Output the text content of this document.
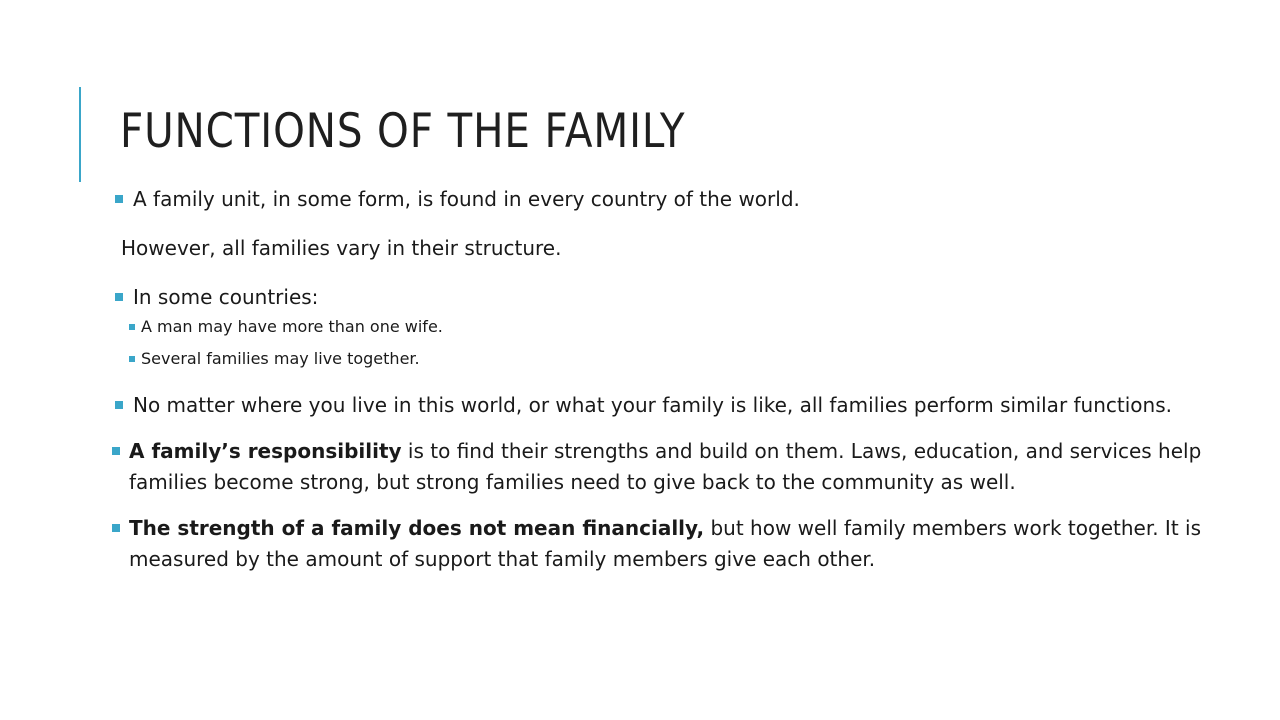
FUNCTIONS OF THE FAMILY

A family unit, in some form, is found in every country of the world.

However, all families vary in their structure.

In some countries:

A man may have more than one wife.

Several families may live together.

No matter where you live in this world, or what your family is like, all families perform similar functions.

A family’s responsibility is to find their strengths and build on them. Laws, education, and services help families become strong, but strong families need to give back to the community as well.

The strength of a family does not mean financially, but how well family members work together. It is measured by the amount of support that family members give each other.
